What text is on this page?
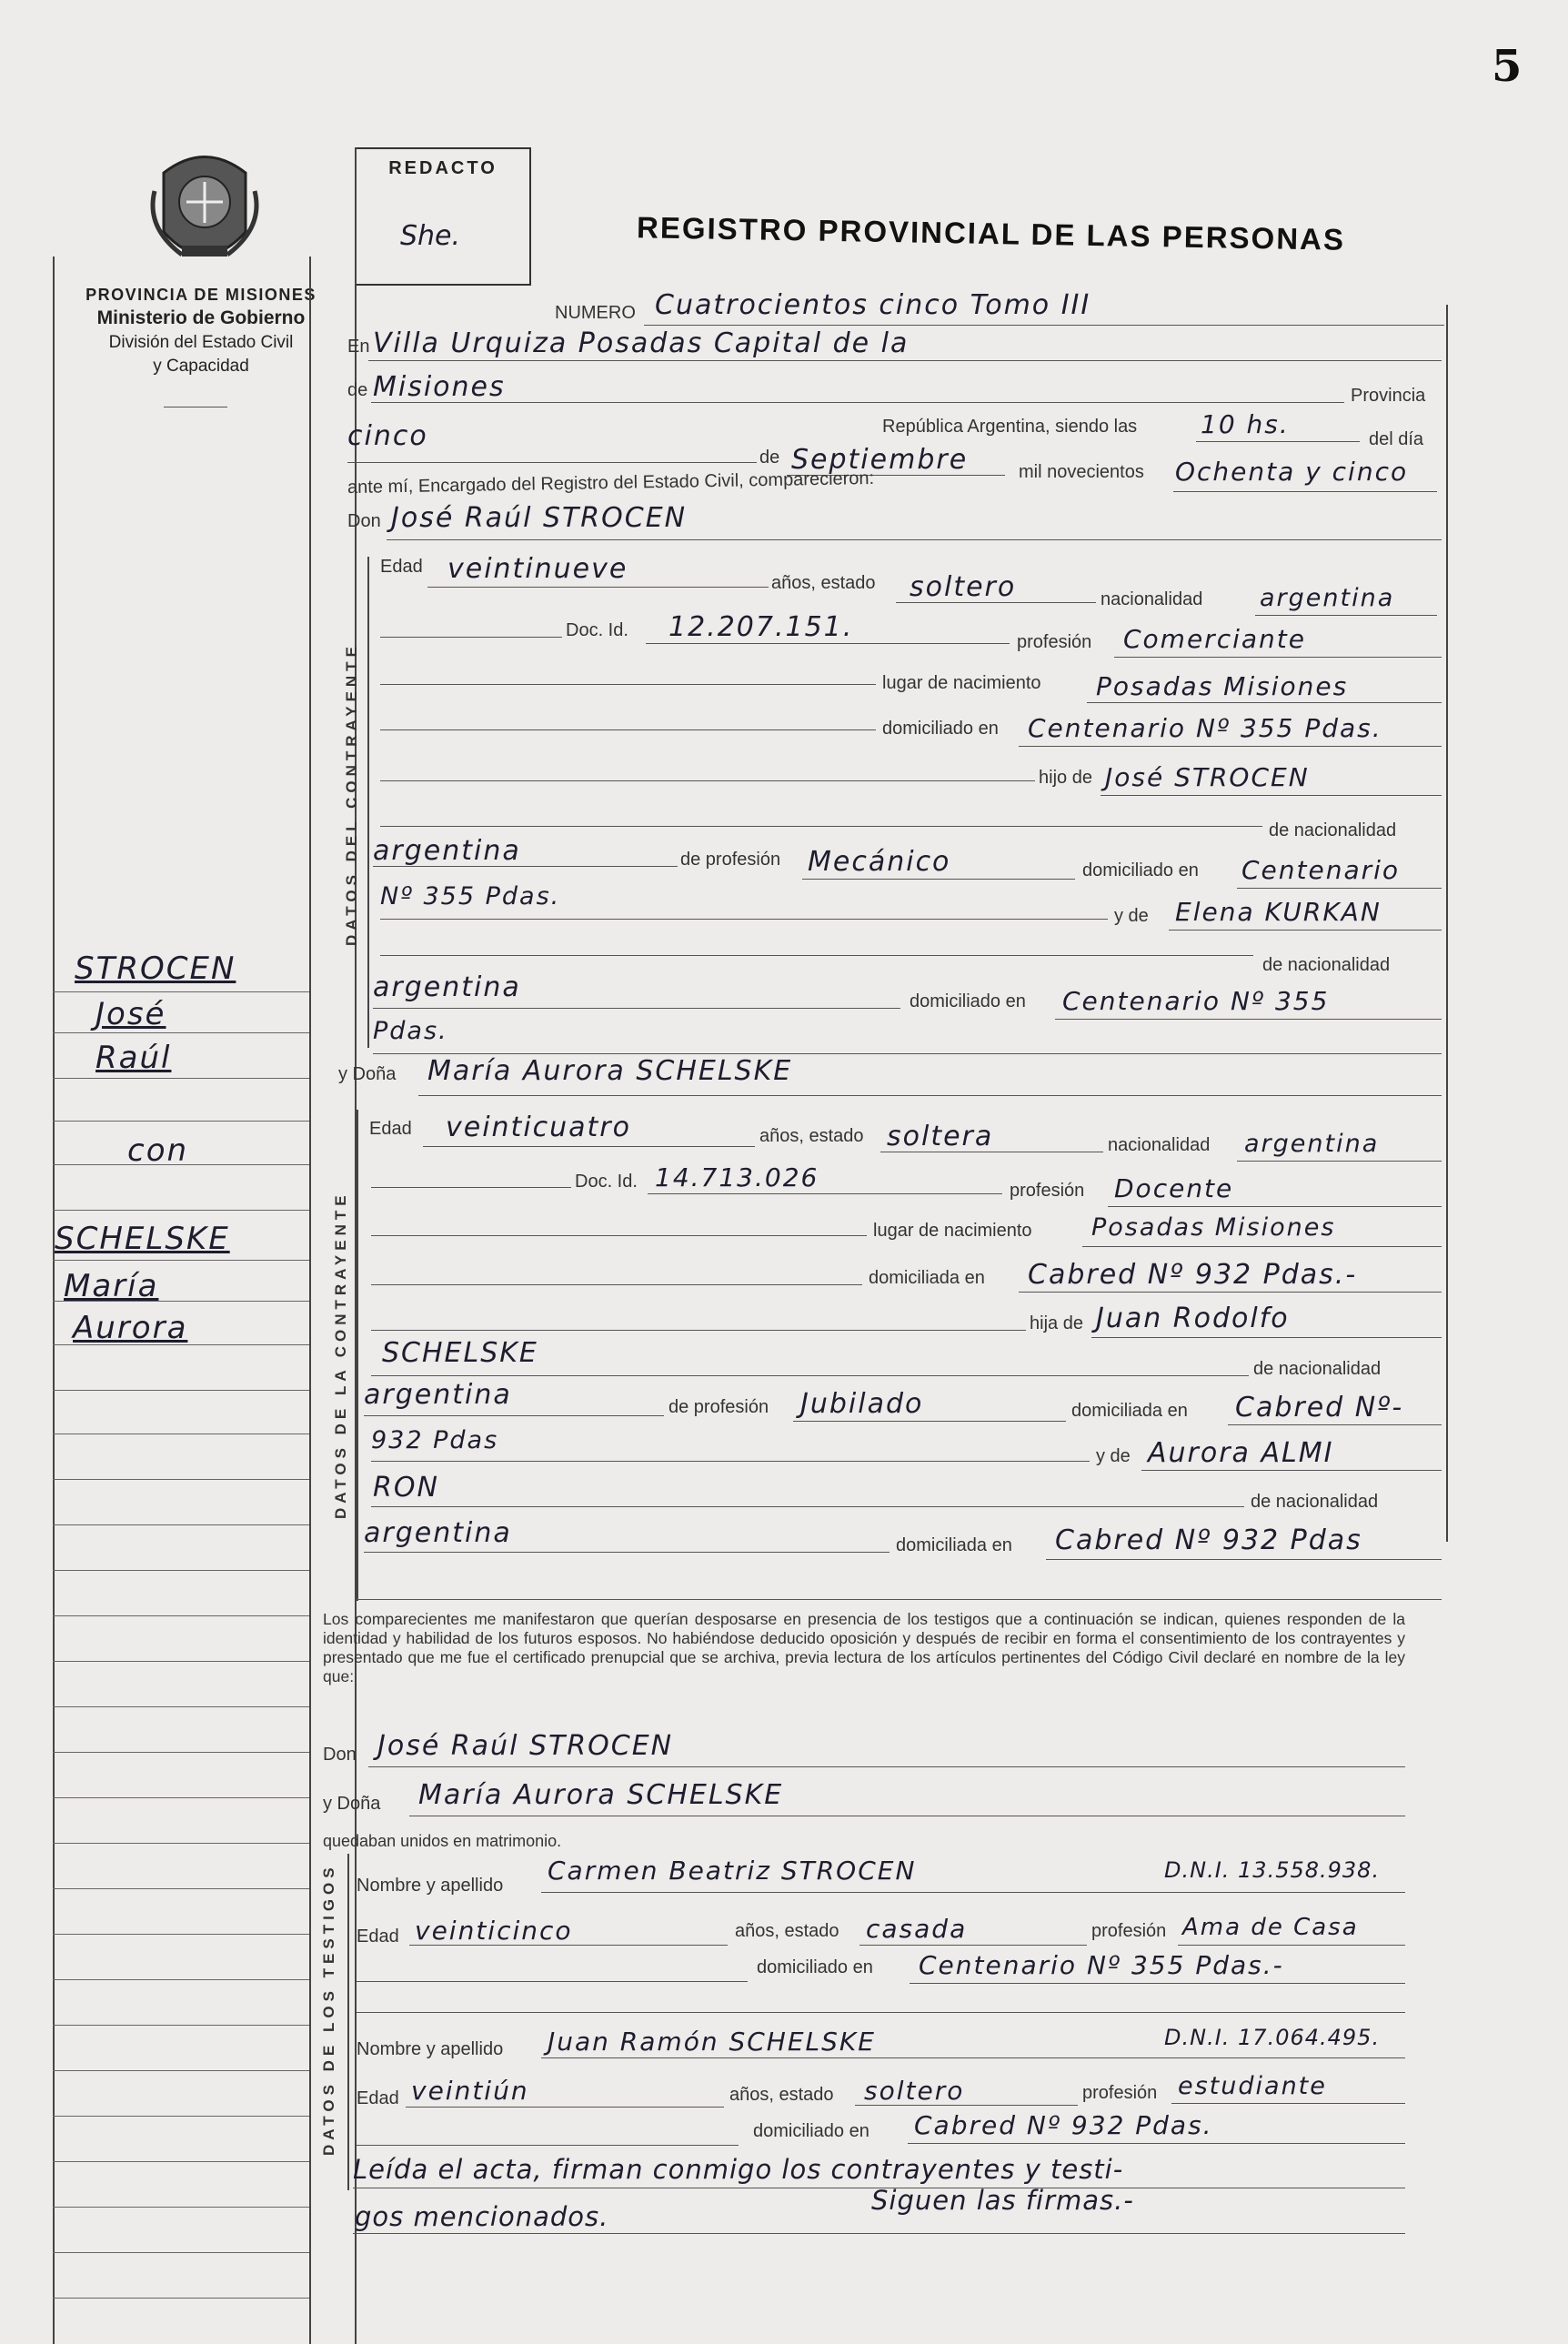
5
PROVINCIA DE MISIONES
Ministerio de Gobierno
División del Estado Civil
y Capacidad
REDACTO
She.	REGISTRO PROVINCIAL DE LAS PERSONAS
NUMERO Cuatrocientos cinco Tomo III
En Villa Urquiza Posadas Capital de la
de Misiones	Provincia
República Argentina, siendo las 10 hs.	del día
cinco
de Septiembre	mil novecientos Ochenta y cinco
ante mí, Encargado del Registro del Estado Civil, comparecieron:
Don José Raúl STROCEN
DATOS DEL CONTRAYENTE
Edad veintinueve	años, estado soltero	nacionalidad argentina
Doc. Id. 12.207.151.	profesión Comerciante
lugar de nacimiento Posadas Misiones
domiciliado en Centenario Nº 355 Pdas.
hijo de José STROCEN
de nacionalidad
argentina	de profesión Mecánico	domiciliado en Centenario
Nº 355 Pdas.
y de Elena KURKAN
de nacionalidad
argentina	domiciliado en Centenario Nº 355
Pdas.
y Doña María Aurora SCHELSKE
DATOS DE LA CONTRAYENTE
Edad veinticuatro	años, estado soltera	nacionalidad argentina
Doc. Id. 14.713.026	profesión Docente
lugar de nacimiento Posadas Misiones
domiciliada en Cabred Nº 932 Pdas.-
hija de Juan Rodolfo
SCHELSKE	de nacionalidad
argentina	de profesión Jubilado	domiciliada en Cabred Nº-
932 Pdas
y de Aurora ALMI
RON	de nacionalidad
argentina	domiciliada en Cabred Nº 932 Pdas
Los comparecientes me manifestaron que querían desposarse en presencia de los testigos que a continuación se indican, quienes responden de la identidad y habilidad de los futuros esposos. No habiéndose deducido oposición y después de recibir en forma el consentimiento de los contrayentes y presentado que me fue el certificado prenupcial que se archiva, previa lectura de los artículos pertinentes del Código Civil declaré en nombre de la ley que:
Don José Raúl STROCEN
y Doña María Aurora SCHELSKE
quedaban unidos en matrimonio.
DATOS DE LOS TESTIGOS Nombre y apellido Carmen Beatriz STROCEN	D.N.I. 13.558.938.
Edad veinticinco	años, estado casada	profesión Ama de Casa
domiciliado en Centenario Nº 355 Pdas.-
Nombre y apellido Juan Ramón SCHELSKE	D.N.I. 17.064.495.
Edad veintiún	años, estado soltero	profesión estudiante
domiciliado en Cabred Nº 932 Pdas.
Leída el acta, firman conmigo los contrayentes y testi-
gos mencionados.
Siguen las firmas.-
STROCEN
José
Raúl
con
SCHELSKE
María
Aurora
